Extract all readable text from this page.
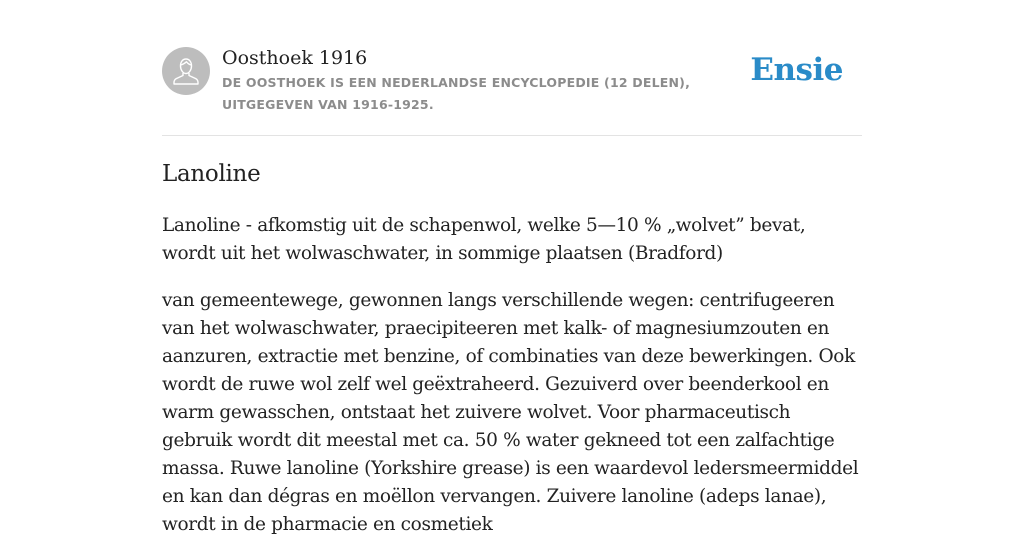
Oosthoek 1916
DE OOSTHOEK IS EEN NEDERLANDSE ENCYCLOPEDIE (12 DELEN), UITGEGEVEN VAN 1916-1925.
Ensie
Lanoline

Lanoline - afkomstig uit de schapenwol, welke 5—10 % „wolvet” bevat, wordt uit het wolwaschwater, in sommige plaatsen (Bradford)

van gemeentewege, gewonnen langs verschillende wegen: centrifugeeren van het wolwaschwater, praecipiteeren met kalk- of magnesiumzouten en aanzuren, extractie met benzine, of combinaties van deze bewerkingen. Ook wordt de ruwe wol zelf wel geëxtraheerd. Gezuiverd over beenderkool en warm gewasschen, ontstaat het zuivere wolvet. Voor pharmaceutisch gebruik wordt dit meestal met ca. 50 % water gekneed tot een zalfachtige massa. Ruwe lanoline (Yorkshire grease) is een waardevol ledersmeermiddel en kan dan dégras en moëllon vervangen. Zuivere lanoline (adeps lanae), wordt in de pharmacie en cosmetiek
